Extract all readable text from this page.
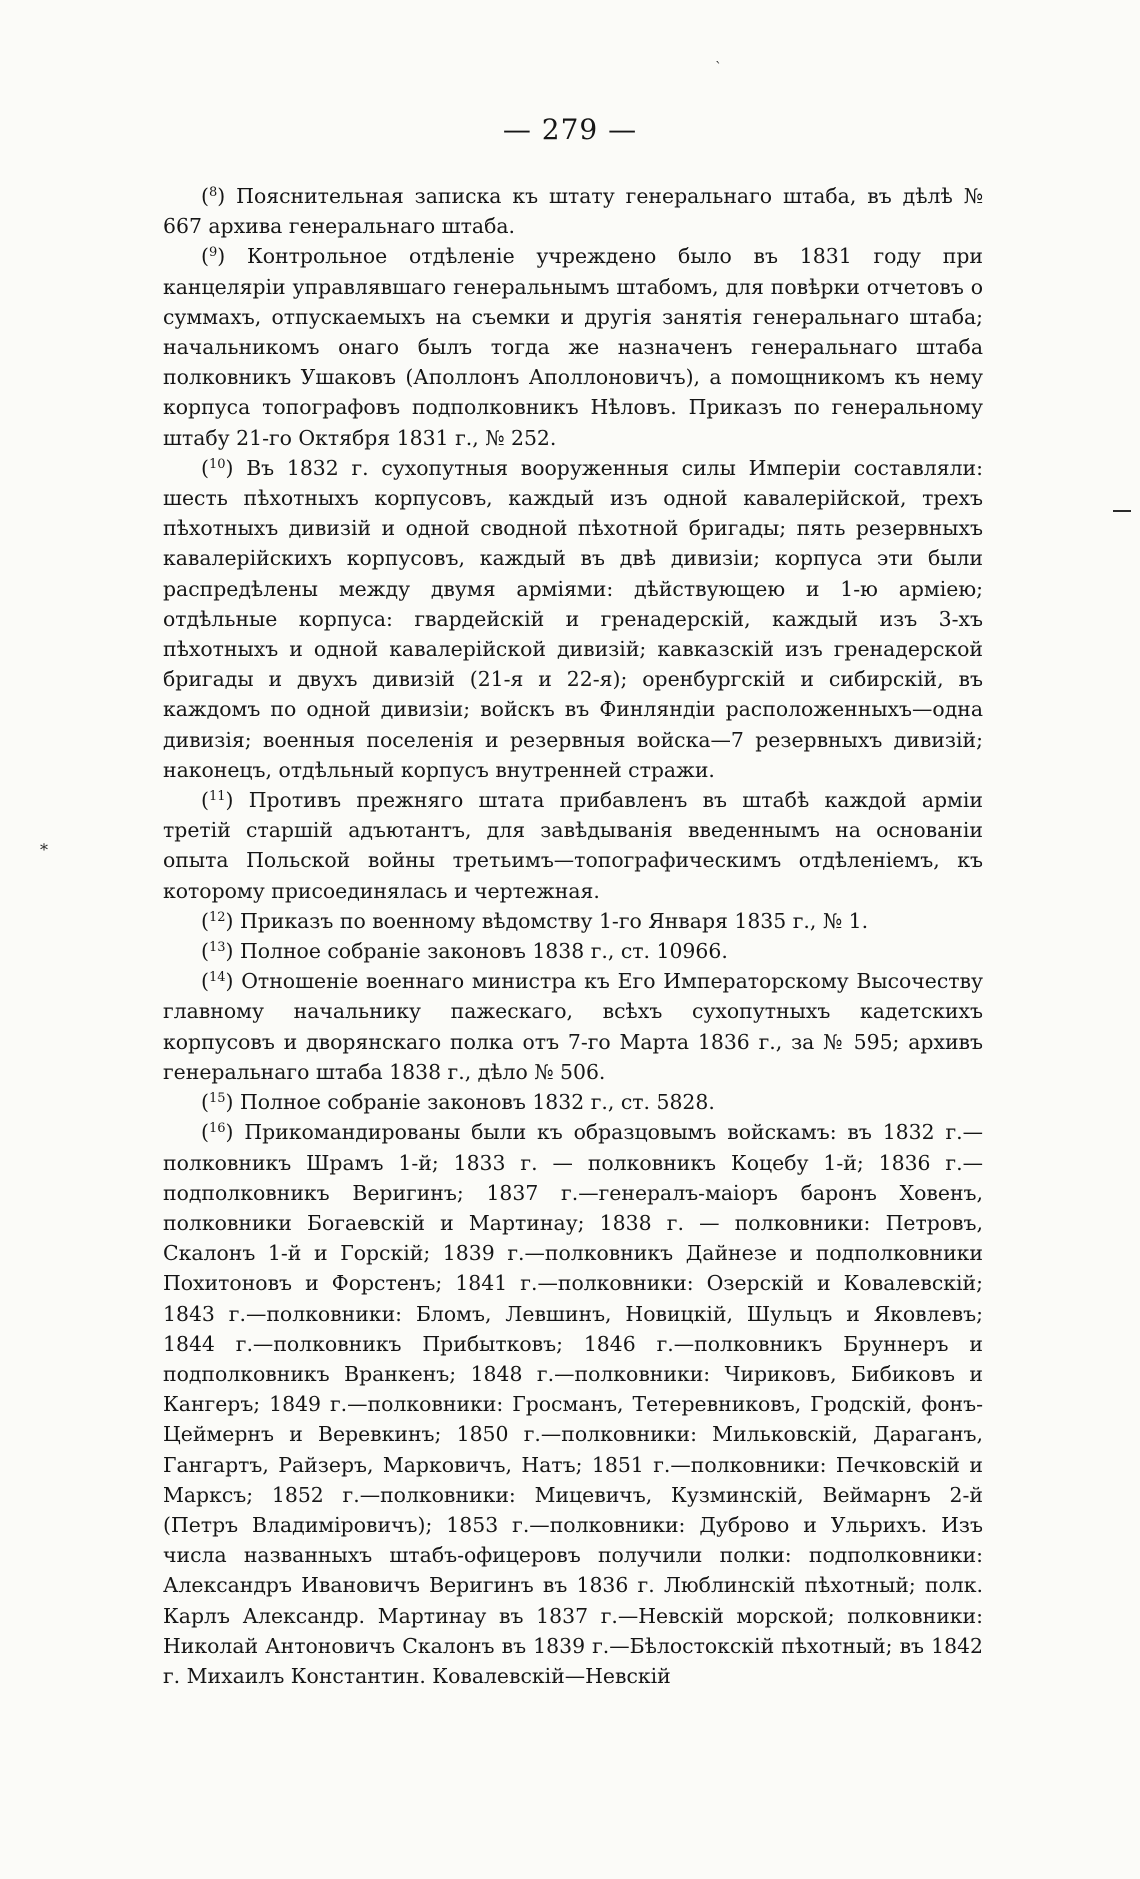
ˋ
⁎
— 279 —

($^8$) Пояснительная записка къ штату генеральнаго штаба, въ дѣлѣ № 667 архива генеральнаго штаба.

($^9$) Контрольное отдѣленіе учреждено было въ 1831 году при канцеляріи управлявшаго генеральнымъ штабомъ, для повѣрки отчетовъ о суммахъ, отпускаемыхъ на съемки и другія занятія генеральнаго штаба; начальникомъ онаго былъ тогда же назначенъ генеральнаго штаба полковникъ Ушаковъ (Аполлонъ Аполлоновичъ), а помощникомъ къ нему корпуса топографовъ подполковникъ Нѣловъ. Приказъ по генеральному штабу 21-го Октября 1831 г., № 252.

($^{10}$) Въ 1832 г. сухопутныя вооруженныя силы Имперіи составляли: шесть пѣхотныхъ корпусовъ, каждый изъ одной кавалерійской, трехъ пѣхотныхъ дивизій и одной сводной пѣхотной бригады; пять резервныхъ кавалерійскихъ корпусовъ, каждый въ двѣ дивизіи; корпуса эти были распредѣлены между двумя арміями: дѣйствующею и 1-ю арміею; отдѣльные корпуса: гвардейскій и гренадерскій, каждый изъ 3-хъ пѣхотныхъ и одной кавалерійской дивизій; кавказскій изъ гренадерской бригады и двухъ дивизій (21-я и 22-я); оренбургскій и сибирскій, въ каждомъ по одной дивизіи; войскъ въ Финляндіи расположенныхъ—одна дивизія; военныя поселенія и резервныя войска—7 резервныхъ дивизій; наконецъ, отдѣльный корпусъ внутренней стражи.

($^{11}$) Противъ прежняго штата прибавленъ въ штабѣ каждой арміи третій старшій адъютантъ, для завѣдыванія введеннымъ на основаніи опыта Польской войны третьимъ—топографическимъ отдѣленіемъ, къ которому присоединялась и чертежная.

($^{12}$) Приказъ по военному вѣдомству 1-го Января 1835 г., № 1.

($^{13}$) Полное собраніе законовъ 1838 г., ст. 10966.

($^{14}$) Отношеніе военнаго министра къ Его Императорскому Высочеству главному начальнику пажескаго, всѣхъ сухопутныхъ кадетскихъ корпусовъ и дворянскаго полка отъ 7-го Марта 1836 г., за № 595; архивъ генеральнаго штаба 1838 г., дѣло № 506.

($^{15}$) Полное собраніе законовъ 1832 г., ст. 5828.

($^{16}$) Прикомандированы были къ образцовымъ войскамъ: въ 1832 г.—полковникъ Шрамъ 1-й; 1833 г. — полковникъ Коцебу 1-й; 1836 г.—подполковникъ Веригинъ; 1837 г.—генералъ-маіоръ баронъ Ховенъ, полковники Богаевскій и Мартинау; 1838 г. — полковники: Петровъ, Скалонъ 1-й и Горскій; 1839 г.—полковникъ Дайнезе и подполковники Похитоновъ и Форстенъ; 1841 г.—полковники: Озерскій и Ковалевскій; 1843 г.—полковники: Бломъ, Левшинъ, Новицкій, Шульцъ и Яковлевъ; 1844 г.—полковникъ Прибытковъ; 1846 г.—полковникъ Бруннеръ и подполковникъ Вранкенъ; 1848 г.—полковники: Чириковъ, Бибиковъ и Кангеръ; 1849 г.—полковники: Гросманъ, Тетеревниковъ, Гродскій, фонъ-Цеймернъ и Веревкинъ; 1850 г.—полковники: Мильковскій, Дараганъ, Гангартъ, Райзеръ, Марковичъ, Натъ; 1851 г.—полковники: Печковскій и Марксъ; 1852 г.—полковники: Мицевичъ, Кузминскій, Веймарнъ 2-й (Петръ Владиміровичъ); 1853 г.—полковники: Дуброво и Ульрихъ. Изъ числа названныхъ штабъ-офицеровъ получили полки: подполковники: Александръ Ивановичъ Веригинъ въ 1836 г. Люблинскій пѣхотный; полк. Карлъ Александр. Мартинау въ 1837 г.—Невскій морской; полковники: Николай Антоновичъ Скалонъ въ 1839 г.—Бѣлостокскій пѣхотный; въ 1842 г. Михаилъ Константин. Ковалевскій—Невскій
